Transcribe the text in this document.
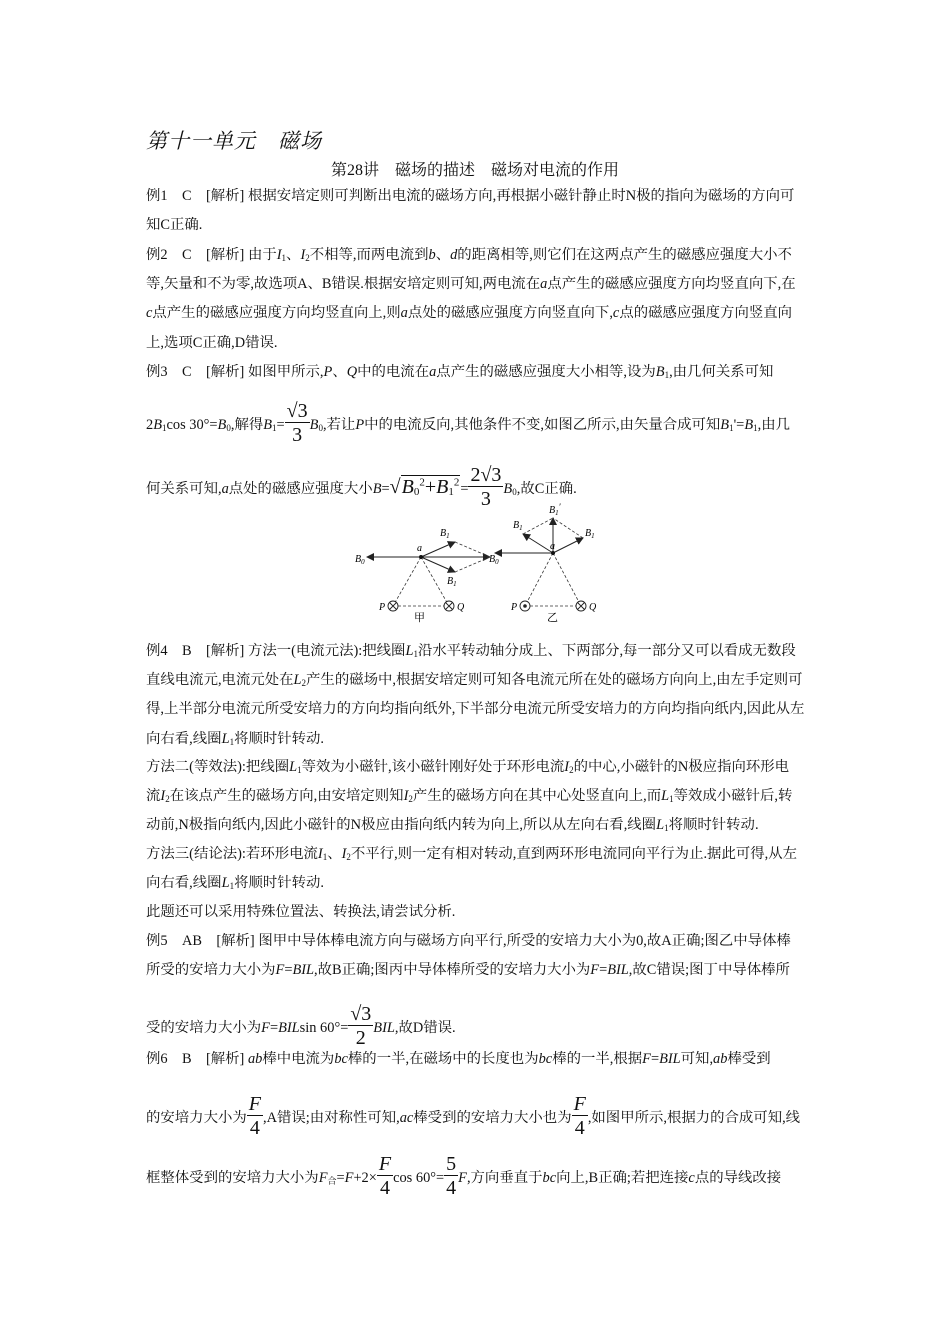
第十一单元　磁场
第28讲　磁场的描述　磁场对电流的作用
例1　C　[解析] 根据安培定则可判断出电流的磁场方向,再根据小磁针静止时N极的指向为磁场的方向可
知C正确.
例2　C　[解析] 由于$I_1$、$I_2$不相等,而两电流到b、d的距离相等,则它们在这两点产生的磁感应强度大小不
等,矢量和不为零,故选项A、B错误.根据安培定则可知,两电流在a点产生的磁感应强度方向均竖直向下,在
c点产生的磁感应强度方向均竖直向上,则a点处的磁感应强度方向竖直向下,c点的磁感应强度方向竖直向
上,选项C正确,D错误.
例3　C　[解析] 如图甲所示,P、Q中的电流在a点产生的磁感应强度大小相等,设为$B_1$,由几何关系可知
$2B_1\cos$ $30^\circ=B_0$,解得$B_1= \frac{√3}{3} B_0$,若让P中的电流反向,其他条件不变,如图乙所示,由矢量合成可知$B_1'=B_1$,由几
何关系可知,a点处的磁感应强度大小$B=√B_0^2+B_1^2= \frac{2√3}{3} B_0$,故C正确.
$B_0$	$B_0$
$B_1$
$B_1$
a
P	Q
甲
$B_1'$
$B_1$	$B_1$
a
P	Q
乙
例4　B　[解析] 方法一(电流元法):把线圈$L_1$沿水平转动轴分成上、下两部分,每一部分又可以看成无数段
直线电流元,电流元处在$L_2$产生的磁场中,根据安培定则可知各电流元所在处的磁场方向向上,由左手定则可
得,上半部分电流元所受安培力的方向均指向纸外,下半部分电流元所受安培力的方向均指向纸内,因此从左
向右看,线圈$L_1$将顺时针转动.
方法二(等效法):把线圈$L_1$等效为小磁针,该小磁针刚好处于环形电流$I_2$的中心,小磁针的N极应指向环形电
流$I_2$在该点产生的磁场方向,由安培定则知$I_2$产生的磁场方向在其中心处竖直向上,而$L_1$等效成小磁针后,转
动前,N极指向纸内,因此小磁针的N极应由指向纸内转为向上,所以从左向右看,线圈$L_1$将顺时针转动.
方法三(结论法):若环形电流$I_1$、$I_2$不平行,则一定有相对转动,直到两环形电流同向平行为止.据此可得,从左
向右看,线圈$L_1$将顺时针转动.
此题还可以采用特殊位置法、转换法,请尝试分析.
例5　AB　[解析] 图甲中导体棒电流方向与磁场方向平行,所受的安培力大小为0,故A正确;图乙中导体棒
所受的安培力大小为F=BIL,故B正确;图丙中导体棒所受的安培力大小为F=BIL,故C错误;图丁中导体棒所
受的安培力大小为F=BILsin $60^\circ= \frac{√3}{2}$ BIL,故D错误.
例6　B　[解析] ab棒中电流为bc棒的一半,在磁场中的长度也为bc棒的一半,根据F=BIL可知,ab棒受到
的安培力大小为 $\frac{F}{4} ,A$错误;由对称性可知,ac棒受到的安培力大小也为 $\frac{F}{4}$ ,如图甲所示,根据力的合成可知,线
框整体受到的安培力大小为$F_合=F+2\times \frac{F}{4}$ $\cos 60^\circ= \frac{5}{4} F$,方向垂直于bc向上,B正确;若把连接c点的导线改接
